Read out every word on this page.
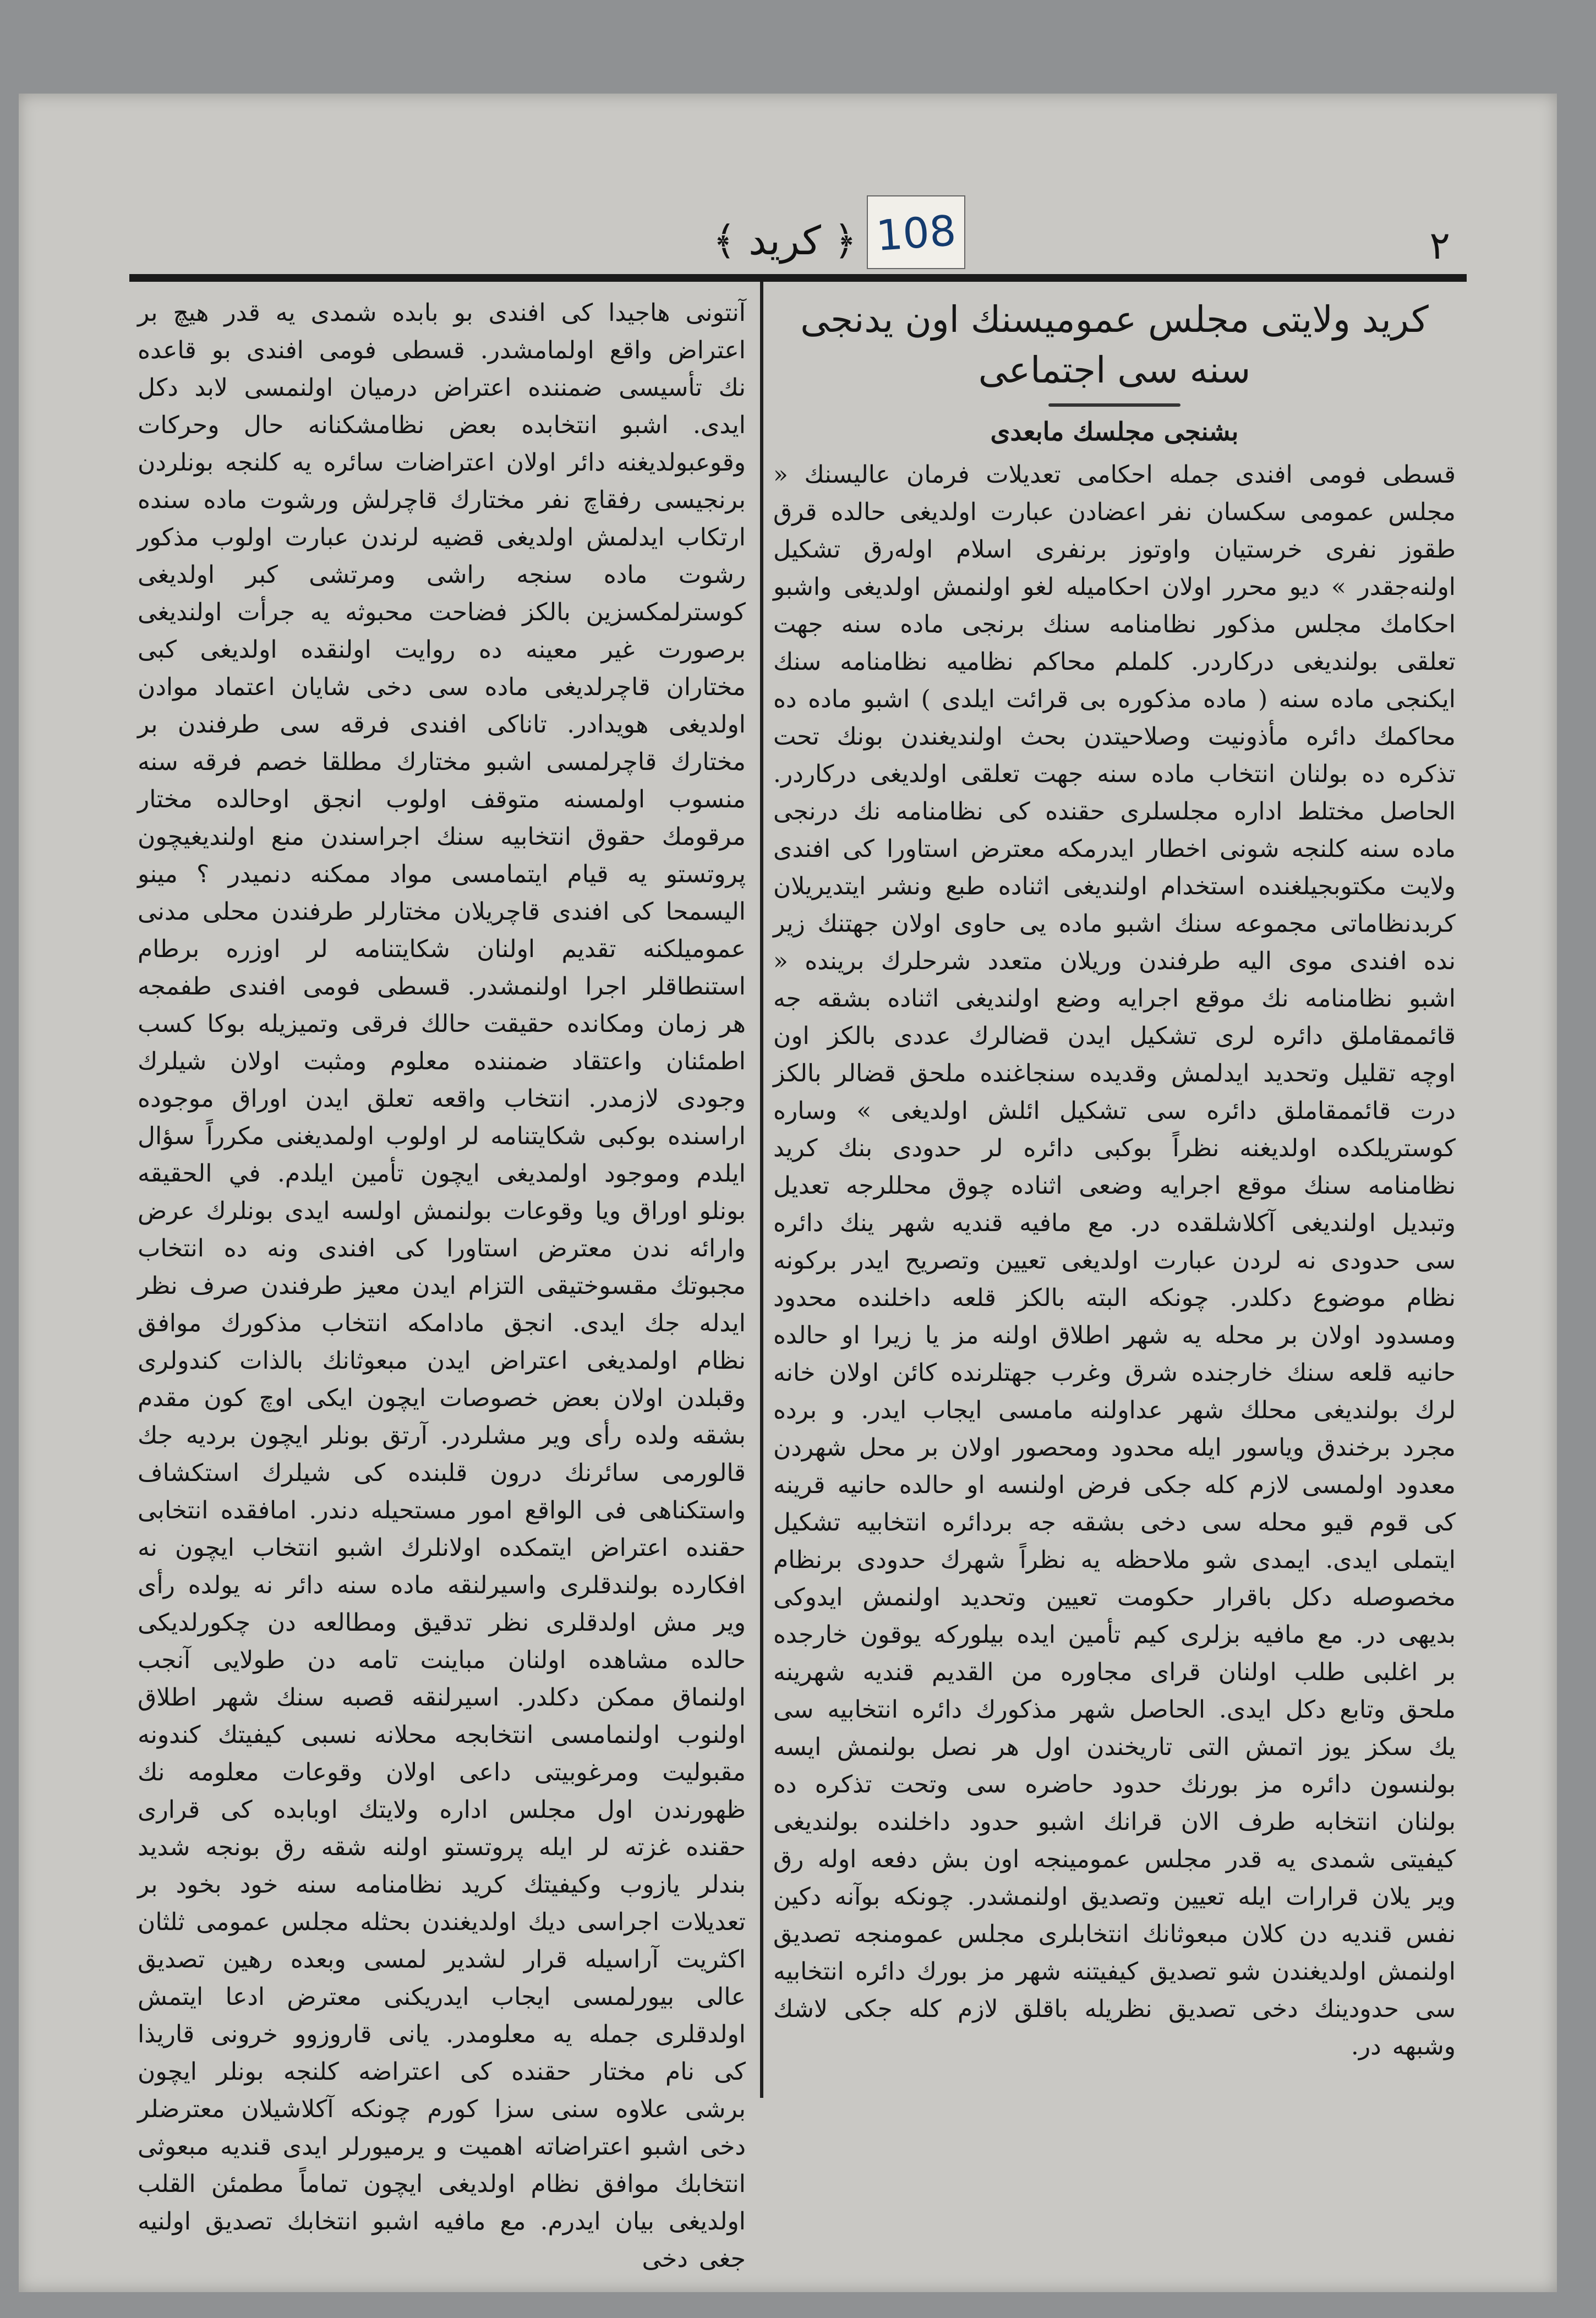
٢
﴿ كريد ﴾ 108

كريد ولايتى مجلس عموميسنك اون يدنجى

سنه سى اجتماعى

بشنجى مجلسك مابعدى

قسطى فومى افندى جمله احكامى تعديلات فرمان عاليسنك « مجلس عمومى سكسان نفر اعضادن عبارت اولديغى حالده قرق طقوز نفرى خرستيان واوتوز برنفرى اسلام اولەرق تشكيل اولنەجقدر » ديو محرر اولان احكاميله لغو اولنمش اولديغى واشبو احكامك مجلس مذكور نظامنامه سنك برنجى ماده سنه جهت تعلقى بولنديغى دركاردر. كلملم محاكم نظاميه نظامنامه سنك ايكنجى ماده سنه ( ماده مذكوره بى قرائت ايلدى ) اشبو ماده ده محاكمك دائره مأذونيت وصلاحيتدن بحث اولنديغندن بونك تحت تذكره ده بولنان انتخاب ماده سنه جهت تعلقى اولديغى دركاردر. الحاصل مختلط اداره مجلسلرى حقنده كى نظامنامه نك درنجى ماده سنه كلنجه شونى اخطار ايدرمكه معترض استاورا كى افندى ولايت مكتوبجيلغنده استخدام اولنديغى اثناده طبع ونشر ايتديريلان كربدنظاماتى مجموعه سنك اشبو ماده يى حاوى اولان جهتنك زير نده افندى موى اليه طرفندن وريلان متعدد شرحلرك برينده « اشبو نظامنامه نك موقع اجرايه وضع اولنديغى اثناده بشقه جه قائممقاملق دائره لرى تشكيل ايدن قضالرك عددى بالكز اون اوچه تقليل وتحديد ايدلمش وقديده سنجاغنده ملحق قضالر بالكز درت قائممقاملق دائره سى تشكيل ائلش اولديغى » وساره كوستريلكده اولديغنه نظراً بوكبى دائره لر حدودى بنك كريد نظامنامه سنك موقع اجرايه وضعى اثناده چوق محللرجه تعديل وتبديل اولنديغى آكلاشلقده در. مع مافيه قنديه شهر ينك دائره سى حدودى نه لردن عبارت اولديغى تعيين وتصريح ايدر بركونه نظام موضوع دكلدر. چونكه البته بالكز قلعه داخلنده محدود ومسدود اولان بر محله يه شهر اطلاق اولنه مز يا زيرا او حالده حانيه قلعه سنك خارجنده شرق وغرب جهتلرنده كائن اولان خانه لرك بولنديغى محلك شهر عداولنه مامسى ايجاب ايدر. و برده مجرد برخندق وياسور ايله محدود ومحصور اولان بر محل شهردن معدود اولمسى لازم كله جكى فرض اولنسه او حالده حانيه قرينه كى قوم قيو محله سى دخى بشقه جه بردائره انتخابيه تشكيل ايتملى ايدى. ايمدى شو ملاحظه يه نظراً شهرك حدودى برنظام مخصوصله دكل باقرار حكومت تعيين وتحديد اولنمش ايدوكى بديهى در. مع مافيه بزلرى كيم تأمين ايده بيلوركه يوقون خارجده بر اغلبى طلب اولنان قراى مجاوره من القديم قنديه شهرينه ملحق وتابع دكل ايدى. الحاصل شهر مذكورك دائره انتخابيه سى يك سكز يوز اتمش التى تاريخندن اول هر نصل بولنمش ايسه بولنسون دائره مز بورنك حدود حاضره سى وتحت تذكره ده بولنان انتخابه طرف الان قرانك اشبو حدود داخلنده بولنديغى كيفيتى شمدى يه قدر مجلس عمومينجه اون بش دفعه اوله رق وير يلان قرارات ايله تعيين وتصديق اولنمشدر. چونكه بوآنه دكين نفس قنديه دن كلان مبعوثانك انتخابلرى مجلس عمومنجه تصديق اولنمش اولديغندن شو تصديق كيفيتنه شهر مز بورك دائره انتخابيه سى حدودينك دخى تصديق نظريله باقلق لازم كله جكى لاشك وشبهه در.

آنتونى هاجيدا كى افندى بو بابده شمدى يه قدر هيچ بر اعتراض واقع اولمامشدر. قسطى فومى افندى بو قاعده نك تأسيسى ضمننده اعتراض درميان اولنمسى لابد دكل ايدى. اشبو انتخابده بعض نظامشكنانه حال وحركات وقوعبولديغنه دائر اولان اعتراضات سائره يه كلنجه بونلردن برنجيسى رفقاچ نفر مختارك قاچرلش ورشوت ماده سنده ارتكاب ايدلمش اولديغى قضيه لرندن عبارت اولوب مذكور رشوت ماده سنجه راشى ومرتشى كبر اولديغى كوسترلمكسزين بالكز فضاحت محبوثه يه جرأت اولنديغى برصورت غير معينه ده روايت اولنقده اولديغى كبى مختاران قاچرلديغى ماده سى دخى شايان اعتماد موادن اولديغى هويدادر. تاناكى افندى فرقه سى طرفندن بر مختارك قاچرلمسى اشبو مختارك مطلقا خصم فرقه سنه منسوب اولمسنه متوقف اولوب انجق اوحالده مختار مرقومك حقوق انتخابيه سنك اجراسندن منع اولنديغيچون پروتستو يه قيام ايتمامسى مواد ممكنه دنميدر ؟ مينو اليسمحا كى افندى قاچريلان مختارلر طرفندن محلى مدنى عموميلكنه تقديم اولنان شكايتنامه لر اوزره برطام استنطاقلر اجرا اولنمشدر. قسطى فومى افندى طفمجه هر زمان ومكانده حقيقت حالك فرقى وتميزيله بوكا كسب اطمئنان واعتقاد ضمننده معلوم ومثبت اولان شيلرك وجودى لازمدر. انتخاب واقعه تعلق ايدن اوراق موجوده اراسنده بوكبى شكايتنامه لر اولوب اولمديغنى مكرراً سؤال ايلدم وموجود اولمديغى ايچون تأمين ايلدم. في الحقيقه بونلو اوراق ويا وقوعات بولنمش اولسه ايدى بونلرك عرض وارائه ندن معترض استاورا كى افندى ونه ده انتخاب مجبوتك مقسوختيقى التزام ايدن معيز طرفندن صرف نظر ايدله جك ايدى. انجق مادامكه انتخاب مذكورك موافق نظام اولمديغى اعتراض ايدن مبعوثانك بالذات كندولرى وقبلدن اولان بعض خصوصات ايچون ايكى اوچ كون مقدم بشقه ولده رأى وير مشلردر. آرتق بونلر ايچون برديه جك قالورمى سائرنك درون قلبنده كى شيلرك استكشاف واستكناهى فى الواقع امور مستحيله دندر. امافقده انتخابى حقنده اعتراض ايتمكده اولانلرك اشبو انتخاب ايچون نه افكارده بولندقلرى واسيرلنقه ماده سنه دائر نه يولده رأى وير مش اولدقلرى نظر تدقيق ومطالعه دن چكورلديكى حالده مشاهده اولنان مباينت تامه دن طولايى آنجب اولنماق ممكن دكلدر. اسيرلنقه قصبه سنك شهر اطلاق اولنوب اولنمامسى انتخابجه محلانه نسبى كيفيتك كندونه مقبوليت ومرغوبيتى داعى اولان وقوعات معلومه نك ظهورندن اول مجلس اداره ولايتك اوبابده كى قرارى حقنده غزته لر ايله پروتستو اولنه شقه رق بونجه شديد بندلر يازوب وكيفيتك كريد نظامنامه سنه خود بخود بر تعديلات اجراسى ديك اولديغندن بحثله مجلس عمومى ثلثان اكثريت آراسيله قرار لشدير لمسى وبعده رهين تصديق عالى بيورلمسى ايجاب ايدريكنى معترض ادعا ايتمش اولدقلرى جمله يه معلومدر. يانى قاروزوو خرونى قاريذا كى نام مختار حقنده كى اعتراضه كلنجه بونلر ايچون برشى علاوه سنى سزا كورم چونكه آكلاشيلان معترضلر دخى اشبو اعتراضاته اهميت و يرميورلر ايدى قنديه مبعوثى انتخابك موافق نظام اولديغى ايچون تماماً مطمئن القلب اولديغى بيان ايدرم. مع مافيه اشبو انتخابك تصديق اولنيه جغى دخى
